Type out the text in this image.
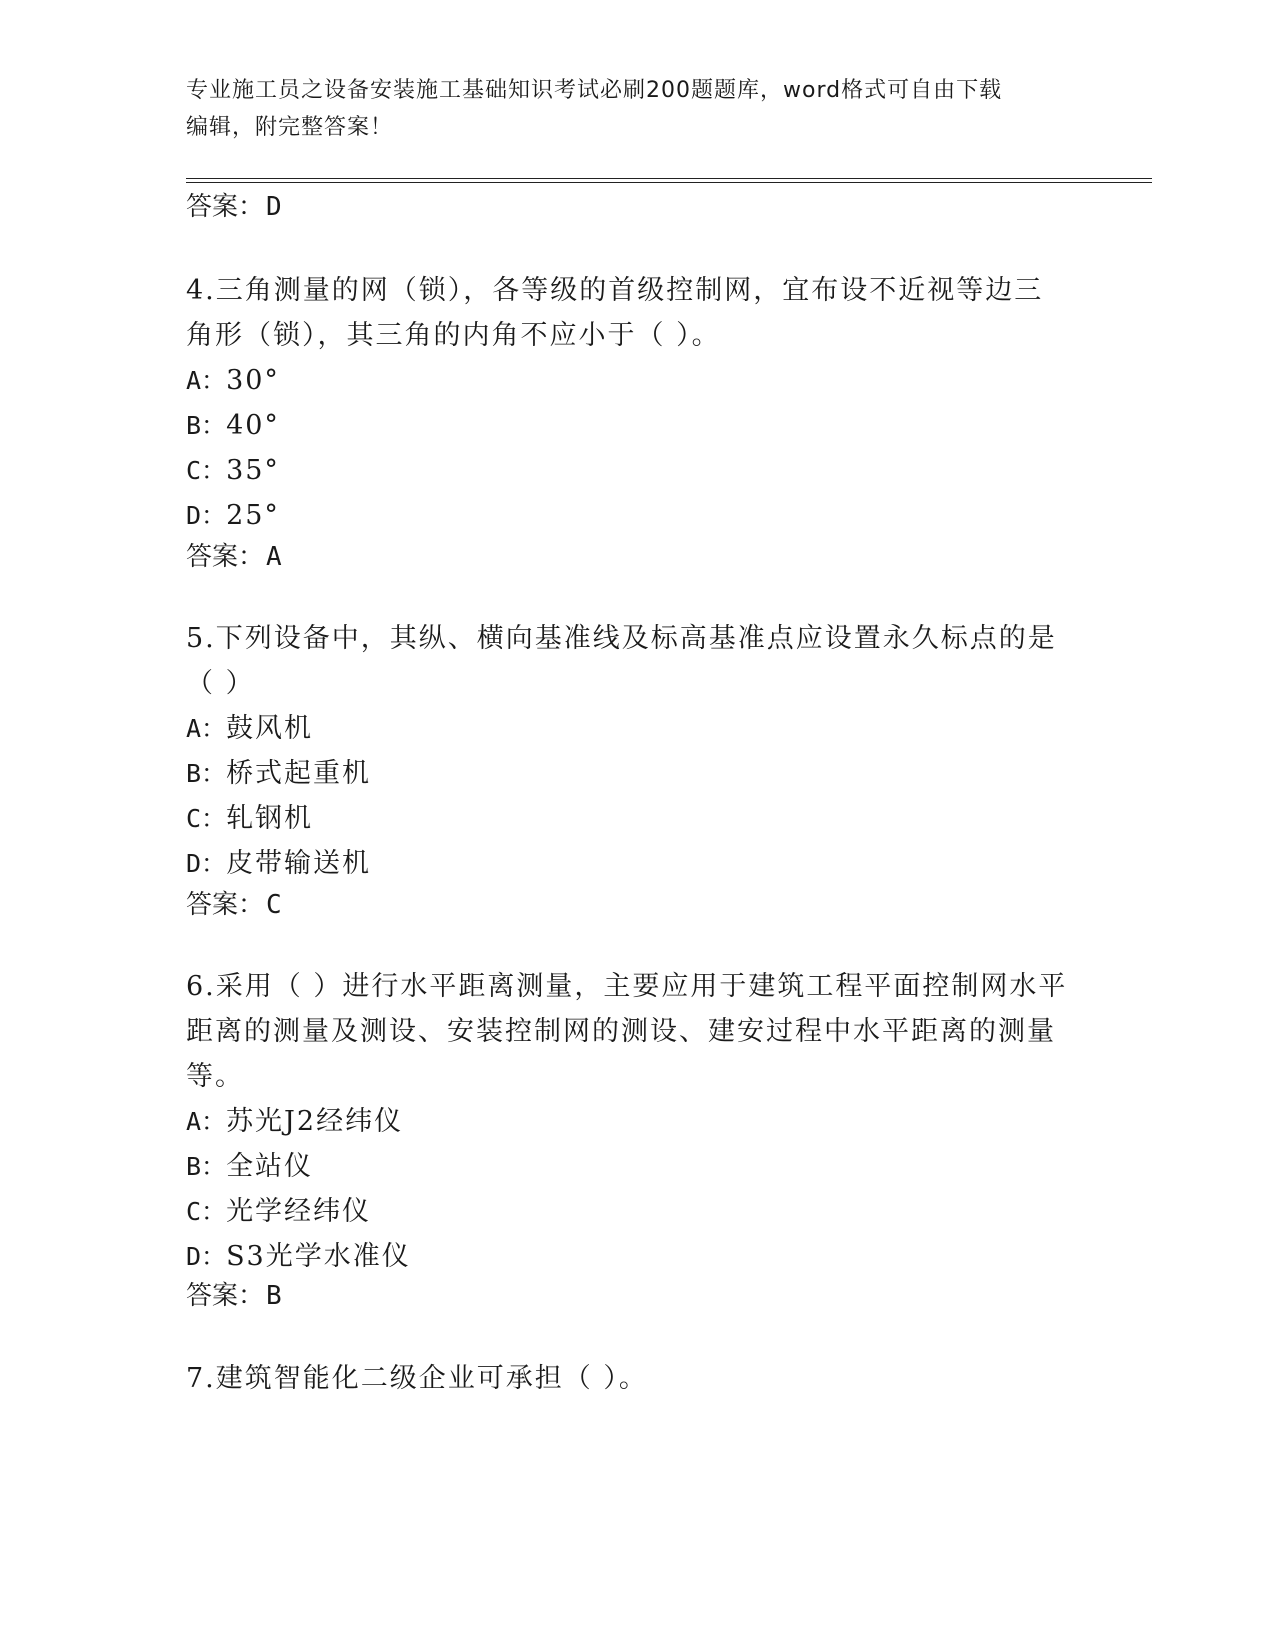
专业施工员之设备安装施工基础知识考试必刷200题题库，word格式可自由下载
编辑，附完整答案！
答案：D

4.三角测量的网（锁），各等级的首级控制网，宜布设不近视等边三

角形（锁），其三角的内角不应小于（ ）。

A：30°

B：40°

C：35°

D：25°

答案：A

5.下列设备中，其纵、横向基准线及标高基准点应设置永久标点的是

（ ）

A：鼓风机

B：桥式起重机

C：轧钢机

D：皮带输送机

答案：C

6.采用（ ）进行水平距离测量，主要应用于建筑工程平面控制网水平

距离的测量及测设、安装控制网的测设、建安过程中水平距离的测量

等。

A：苏光J2经纬仪

B：全站仪

C：光学经纬仪

D：S3光学水准仪

答案：B

7.建筑智能化二级企业可承担（ ）。
